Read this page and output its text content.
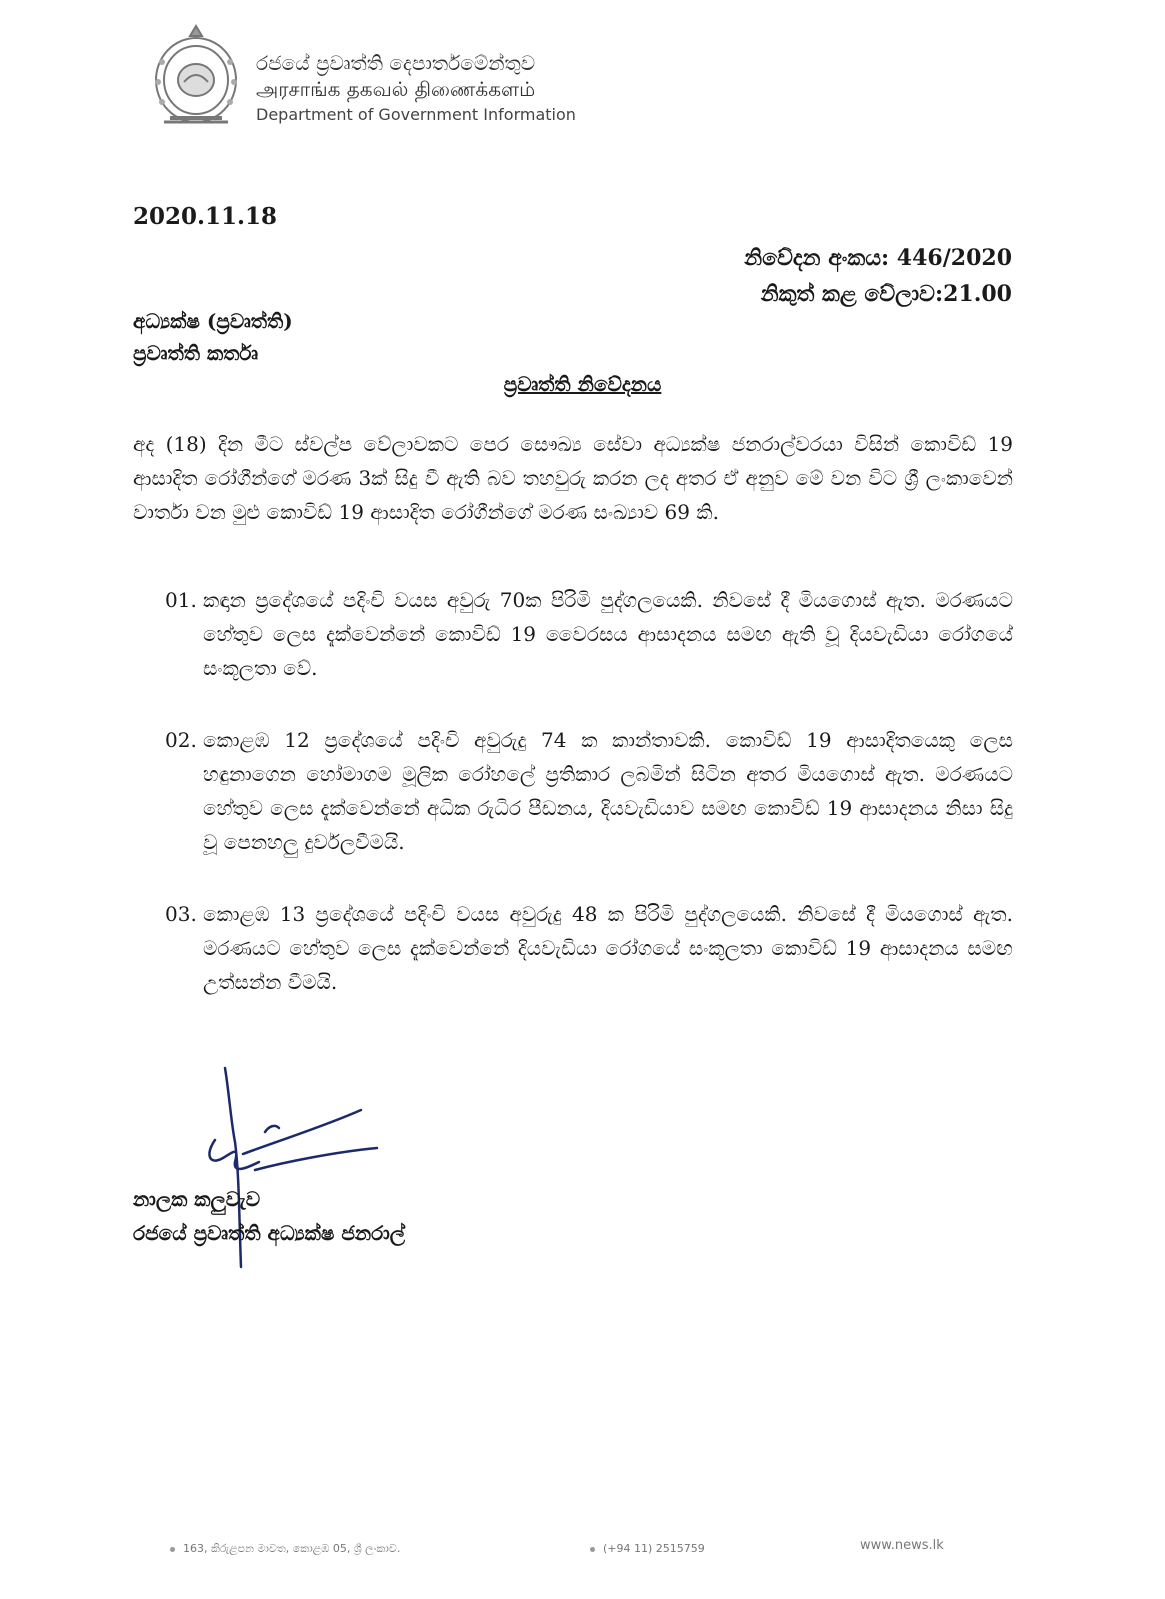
රජයේ ප්‍රවෘත්ති දෙපාර්තමේන්තුව
அரசாங்க தகவல் திணைக்களம்
Department of Government Information
2020.11.18
නිවේදන අංකය: 446/2020
නිකුත් කළ වේලාව:21.00
අධ්‍යක්ෂ (ප්‍රවෘත්ති)
ප්‍රවෘත්ති කර්තෘ
ප්‍රවෘත්ති නිවේදනය

අද (18) දින මීට ස්වල්ප වේලාවකට පෙර සෞඛ්‍ය සේවා අධ්‍යක්ෂ ජනරාල්වරයා විසින් කොවිඩ් 19 ආසාදිත රෝගීන්ගේ මරණ 3ක් සිදු වී ඇති බව තහවුරු කරන ලද අතර ඒ අනුව මේ වන විට ශ්‍රී ලංකාවෙන් වාර්තා වන මුළු කොවිඩ් 19 ආසාදිත රෝගීන්ගේ මරණ සංඛ්‍යාව 69 කි.

01. කඳාන ප්‍රදේශයේ පදිංචි වයස අවුරු 70ක පිරිමි පුද්ගලයෙකි. නිවසේ දී මියගොස් ඇත. මරණයට හේතුව ලෙස දැක්වෙන්නේ කොවිඩ් 19 වෛරසය ආසාදනය සමඟ ඇති වූ දියවැඩියා රෝගයේ සංකූලතා වේ.
02. කොළඹ 12 ප්‍රදේශයේ පදිංචි අවුරුදු 74 ක කාන්තාවකි. කොවිඩ් 19 ආසාදිතයෙකු ලෙස හඳුනාගෙන හෝමාගම මූලික රෝහලේ ප්‍රතිකාර ලබමින් සිටින අතර මියගොස් ඇත. මරණයට හේතුව ලෙස දැක්වෙන්නේ අධික රුධිර පීඩනය, දියවැඩියාව සමඟ කොවිඩ් 19 ආසාදනය නිසා සිදු වූ පෙනහලු දුර්වලවීමයි.
03. කොළඹ 13 ප්‍රදේශයේ පදිංචි වයස අවුරුදු 48 ක පිරිමි පුද්ගලයෙකි. නිවසේ දී මියගොස් ඇත. මරණයට හේතුව ලෙස දැක්වෙන්නේ දියවැඩියා රෝගයේ සංකූලතා කොවිඩ් 19 ආසාදනය සමඟ උත්සන්න වීමයි.
නාලක කලුවැව
රජයේ ප්‍රවෘත්ති අධ්‍යක්ෂ ජනරාල්
163, කිරුළපන මාවත, කොළඹ 05, ශ්‍රී ලංකාව.	(+94 11) 2515759	www.news.lk
